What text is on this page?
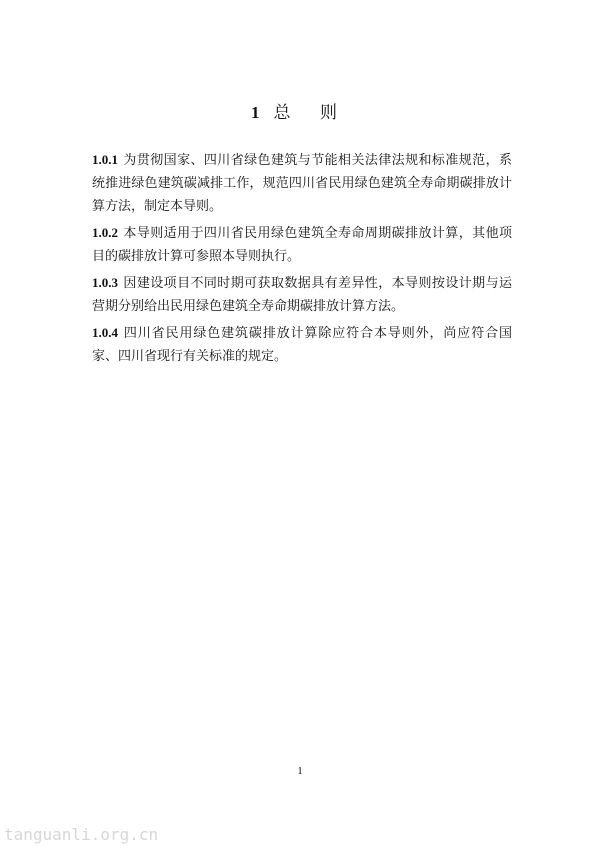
1 总 则

1.0.1 为贯彻国家、四川省绿色建筑与节能相关法律法规和标准规范，系统推进绿色建筑碳减排工作，规范四川省民用绿色建筑全寿命期碳排放计算方法，制定本导则。

1.0.2 本导则适用于四川省民用绿色建筑全寿命周期碳排放计算，其他项目的碳排放计算可参照本导则执行。

1.0.3 因建设项目不同时期可获取数据具有差异性，本导则按设计期与运营期分别给出民用绿色建筑全寿命期碳排放计算方法。

1.0.4 四川省民用绿色建筑碳排放计算除应符合本导则外，尚应符合国家、四川省现行有关标准的规定。

1

tanguanli.org.cn
